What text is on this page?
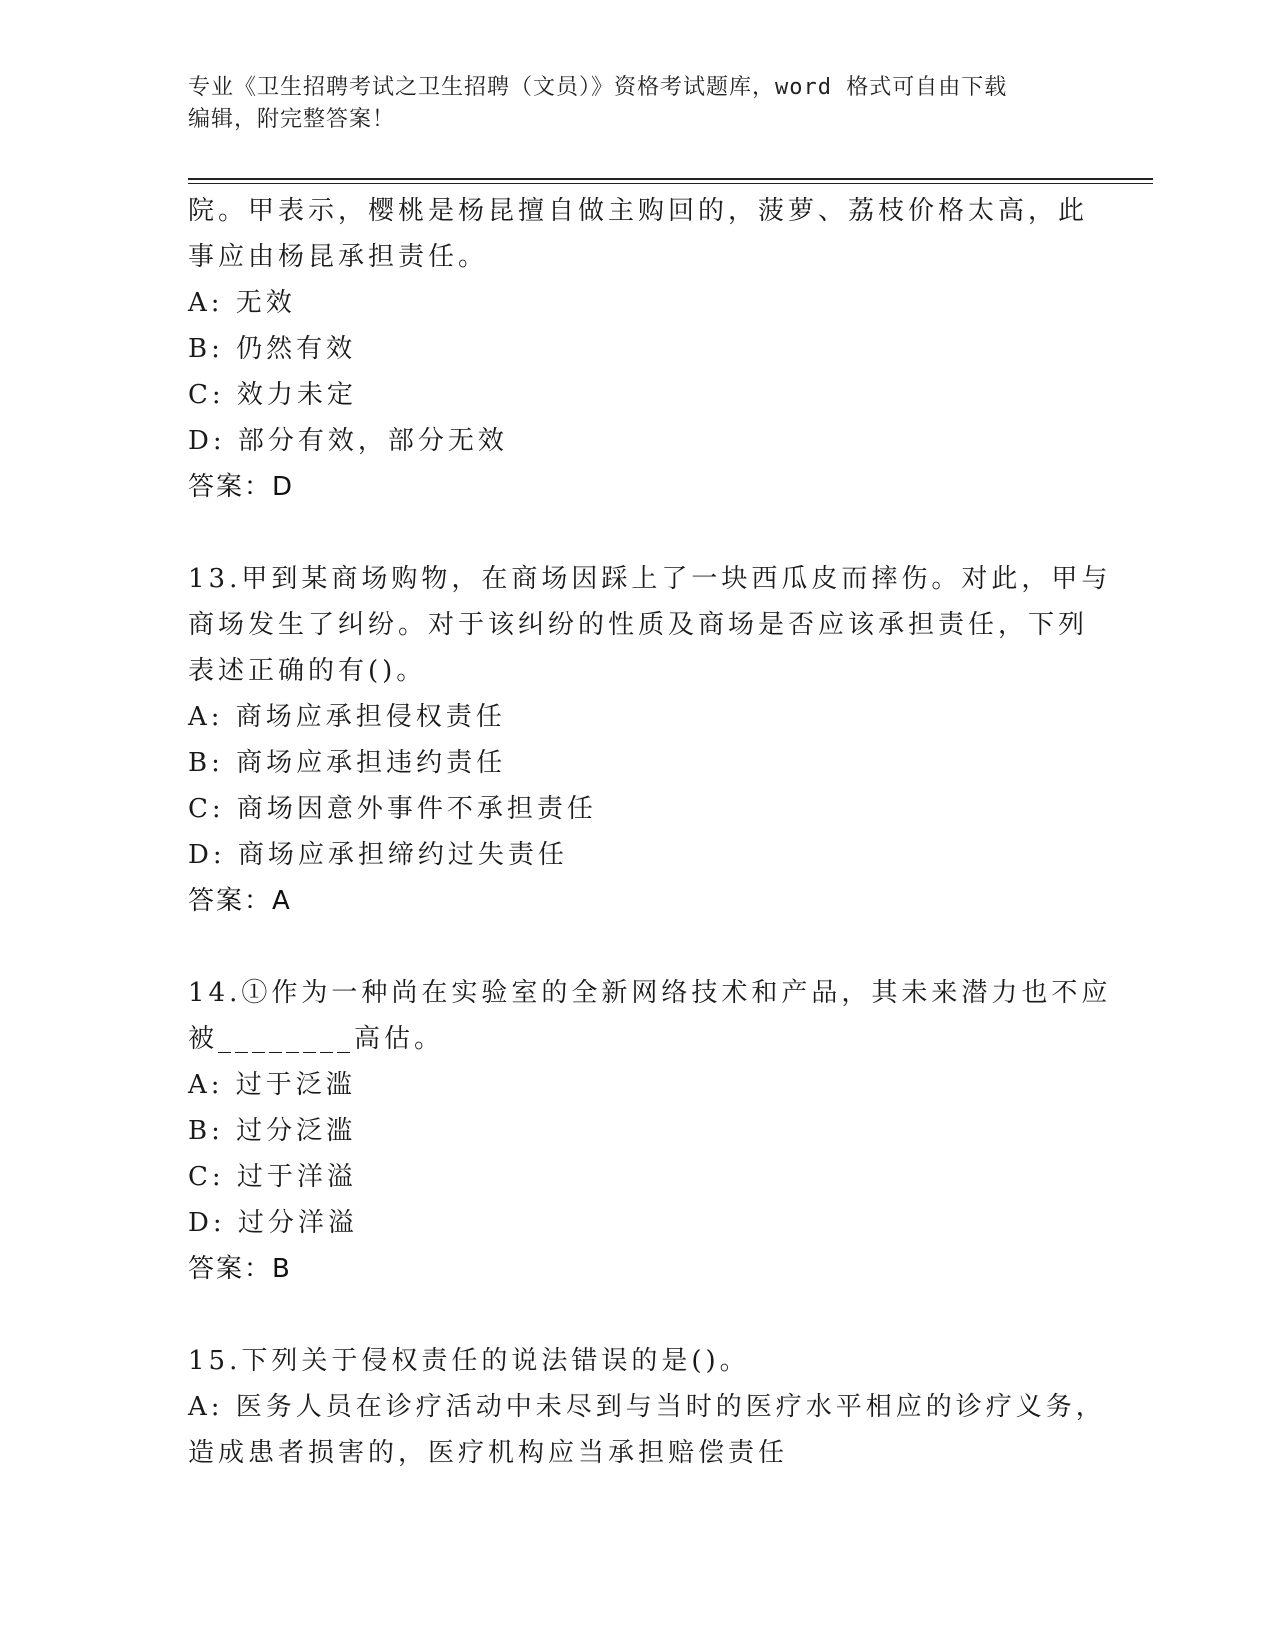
专业《卫生招聘考试之卫生招聘（文员）》资格考试题库，word 格式可自由下载
编辑，附完整答案！
院。甲表示，樱桃是杨昆擅自做主购回的，菠萝、荔枝价格太高，此
事应由杨昆承担责任。
A: 无效
B: 仍然有效
C: 效力未定
D: 部分有效，部分无效
答案：D
13.甲到某商场购物，在商场因踩上了一块西瓜皮而摔伤。对此，甲与
商场发生了纠纷。对于该纠纷的性质及商场是否应该承担责任，下列
表述正确的有()。
A: 商场应承担侵权责任
B: 商场应承担违约责任
C: 商场因意外事件不承担责任
D: 商场应承担缔约过失责任
答案：A
14.①作为一种尚在实验室的全新网络技术和产品，其未来潜力也不应
被________高估。
A: 过于泛滥
B: 过分泛滥
C: 过于洋溢
D: 过分洋溢
答案：B
15.下列关于侵权责任的说法错误的是()。
A: 医务人员在诊疗活动中未尽到与当时的医疗水平相应的诊疗义务，
造成患者损害的，医疗机构应当承担赔偿责任
